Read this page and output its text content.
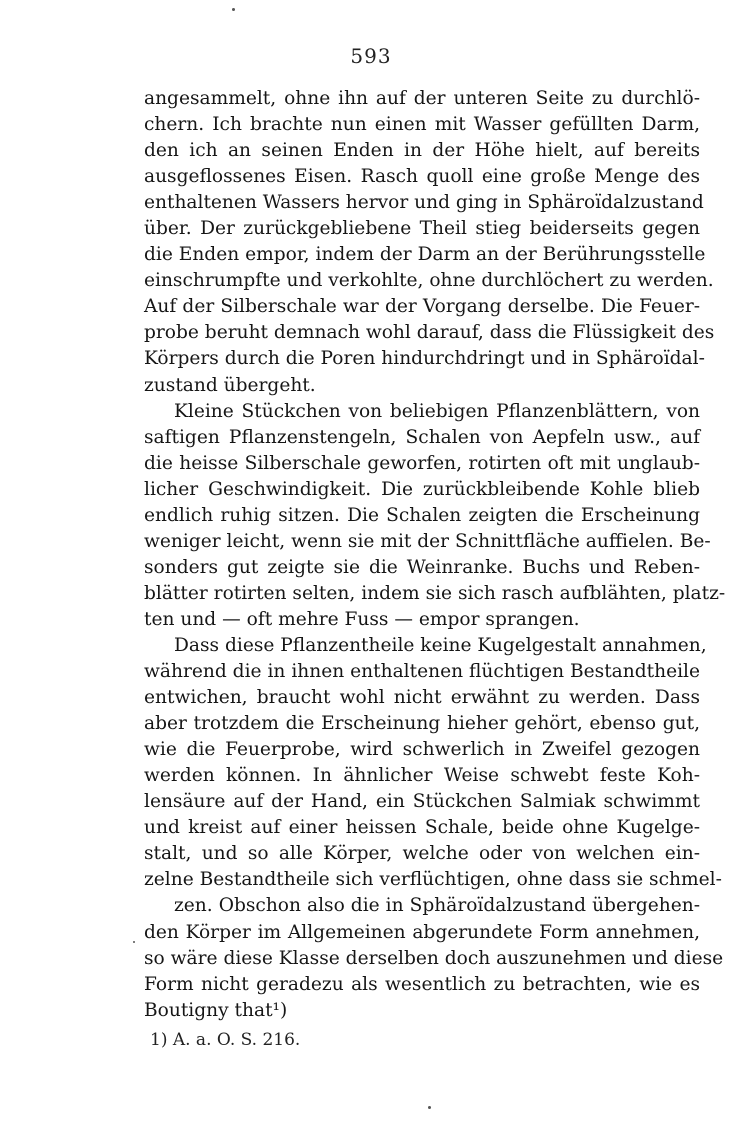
593
angesammelt, ohne ihn auf der unteren Seite zu durchlö-
chern. Ich brachte nun einen mit Wasser gefüllten Darm,
den ich an seinen Enden in der Höhe hielt, auf bereits
ausgeflossenes Eisen. Rasch quoll eine große Menge des
enthaltenen Wassers hervor und ging in Sphäroïdalzustand
über. Der zurückgebliebene Theil stieg beiderseits gegen
die Enden empor, indem der Darm an der Berührungsstelle
einschrumpfte und verkohlte, ohne durchlöchert zu werden.
Auf der Silberschale war der Vorgang derselbe. Die Feuer-
probe beruht demnach wohl darauf, dass die Flüssigkeit des
Körpers durch die Poren hindurchdringt und in Sphäroïdal-
zustand übergeht.
Kleine Stückchen von beliebigen Pflanzenblättern, von
saftigen Pflanzenstengeln, Schalen von Aepfeln usw., auf
die heisse Silberschale geworfen, rotirten oft mit unglaub-
licher Geschwindigkeit. Die zurückbleibende Kohle blieb
endlich ruhig sitzen. Die Schalen zeigten die Erscheinung
weniger leicht, wenn sie mit der Schnittfläche auffielen. Be-
sonders gut zeigte sie die Weinranke. Buchs und Reben-
blätter rotirten selten, indem sie sich rasch aufblähten, platz-
ten und — oft mehre Fuss — empor sprangen.
Dass diese Pflanzentheile keine Kugelgestalt annahmen,
während die in ihnen enthaltenen flüchtigen Bestandtheile
entwichen, braucht wohl nicht erwähnt zu werden. Dass
aber trotzdem die Erscheinung hieher gehört, ebenso gut,
wie die Feuerprobe, wird schwerlich in Zweifel gezogen
werden können. In ähnlicher Weise schwebt feste Koh-
lensäure auf der Hand, ein Stückchen Salmiak schwimmt
und kreist auf einer heissen Schale, beide ohne Kugelge-
stalt, und so alle Körper, welche oder von welchen ein-
zelne Bestandtheile sich verflüchtigen, ohne dass sie schmel-
zen. Obschon also die in Sphäroïdalzustand übergehen-
den Körper im Allgemeinen abgerundete Form annehmen,
so wäre diese Klasse derselben doch auszunehmen und diese
Form nicht geradezu als wesentlich zu betrachten, wie es
Boutigny that¹)
1) A. a. O. S. 216.
